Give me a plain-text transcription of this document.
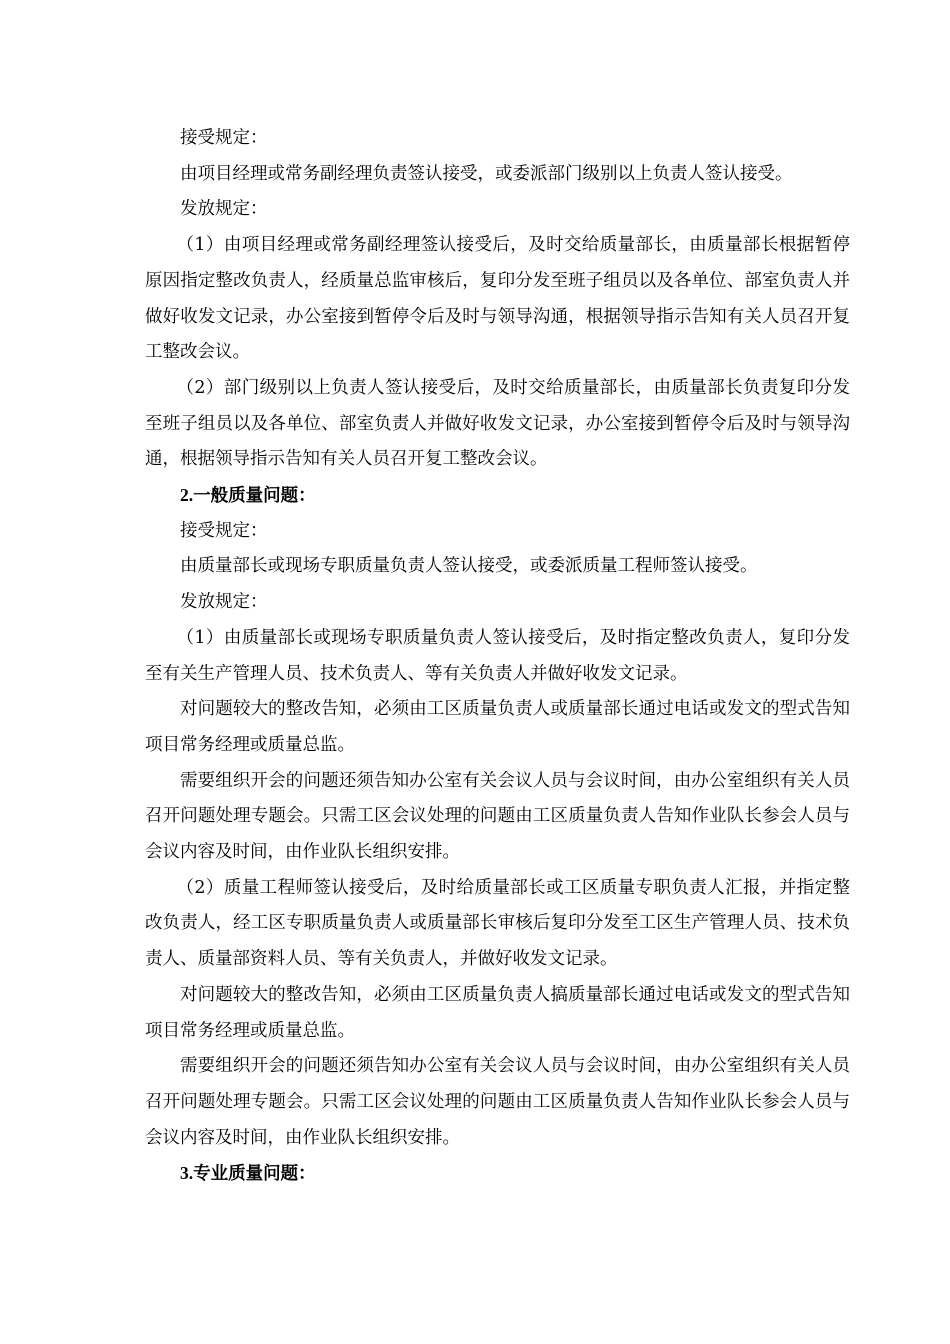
接受规定：

由项目经理或常务副经理负责签认接受，或委派部门级别以上负责人签认接受。

发放规定：

（1）由项目经理或常务副经理签认接受后，及时交给质量部长，由质量部长根据暂停原因指定整改负责人，经质量总监审核后，复印分发至班子组员以及各单位、部室负责人并做好收发文记录，办公室接到暂停令后及时与领导沟通，根据领导指示告知有关人员召开复工整改会议。

（2）部门级别以上负责人签认接受后，及时交给质量部长，由质量部长负责复印分发至班子组员以及各单位、部室负责人并做好收发文记录，办公室接到暂停令后及时与领导沟通，根据领导指示告知有关人员召开复工整改会议。

2.一般质量问题：

接受规定：

由质量部长或现场专职质量负责人签认接受，或委派质量工程师签认接受。

发放规定：

（1）由质量部长或现场专职质量负责人签认接受后，及时指定整改负责人，复印分发至有关生产管理人员、技术负责人、等有关负责人并做好收发文记录。

对问题较大的整改告知，必须由工区质量负责人或质量部长通过电话或发文的型式告知项目常务经理或质量总监。

需要组织开会的问题还须告知办公室有关会议人员与会议时间，由办公室组织有关人员召开问题处理专题会。只需工区会议处理的问题由工区质量负责人告知作业队长参会人员与会议内容及时间，由作业队长组织安排。

（2）质量工程师签认接受后，及时给质量部长或工区质量专职负责人汇报，并指定整改负责人，经工区专职质量负责人或质量部长审核后复印分发至工区生产管理人员、技术负责人、质量部资料人员、等有关负责人，并做好收发文记录。

对问题较大的整改告知，必须由工区质量负责人搞质量部长通过电话或发文的型式告知项目常务经理或质量总监。

需要组织开会的问题还须告知办公室有关会议人员与会议时间，由办公室组织有关人员召开问题处理专题会。只需工区会议处理的问题由工区质量负责人告知作业队长参会人员与会议内容及时间，由作业队长组织安排。

3.专业质量问题：
